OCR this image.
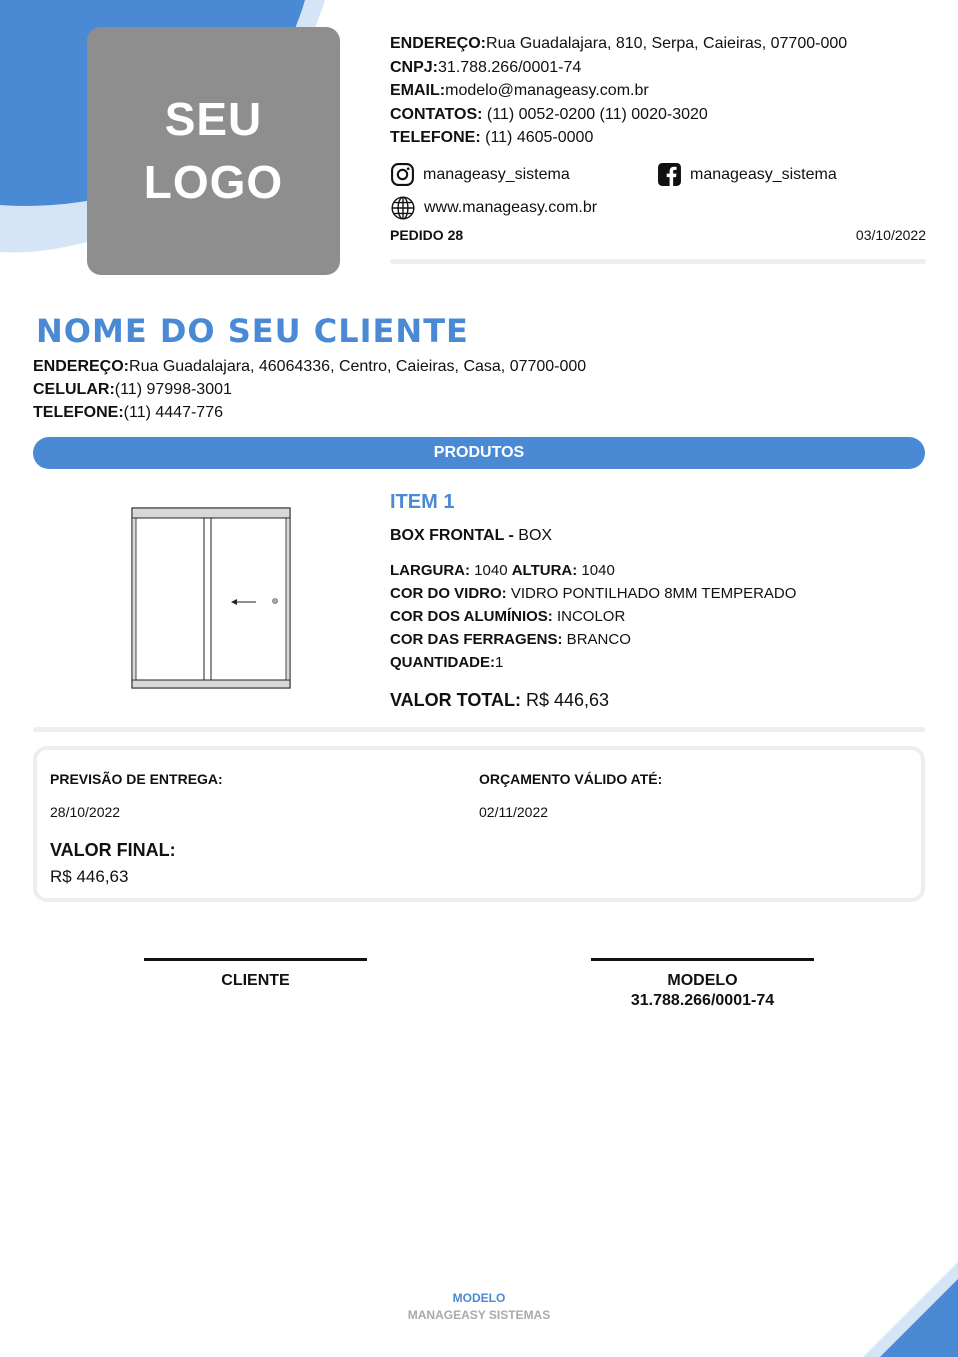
SEU
LOGO
ENDEREÇO:Rua Guadalajara, 810, Serpa, Caieiras, 07700-000
CNPJ:31.788.266/0001-74
EMAIL:modelo@manageasy.com.br
CONTATOS: (11) 0052-0200 (11) 0020-3020
TELEFONE: (11) 4605-0000
manageasy_sistema	manageasy_sistema
www.manageasy.com.br
PEDIDO 28	03/10/2022
NOME DO SEU CLIENTE
ENDEREÇO:Rua Guadalajara, 46064336, Centro, Caieiras, Casa, 07700-000
CELULAR:(11) 97998-3001
TELEFONE:(11) 4447-776
PRODUTOS
ITEM 1
BOX FRONTAL - BOX
LARGURA: 1040 ALTURA: 1040
COR DO VIDRO: VIDRO PONTILHADO 8MM TEMPERADO
COR DOS ALUMÍNIOS: INCOLOR
COR DAS FERRAGENS: BRANCO
QUANTIDADE:1
VALOR TOTAL: R$ 446,63
PREVISÃO DE ENTREGA:
28/10/2022
ORÇAMENTO VÁLIDO ATÉ:
02/11/2022
VALOR FINAL:
R$ 446,63
CLIENTE	MODELO
31.788.266/0001-74
MODELO
MANAGEASY SISTEMAS
